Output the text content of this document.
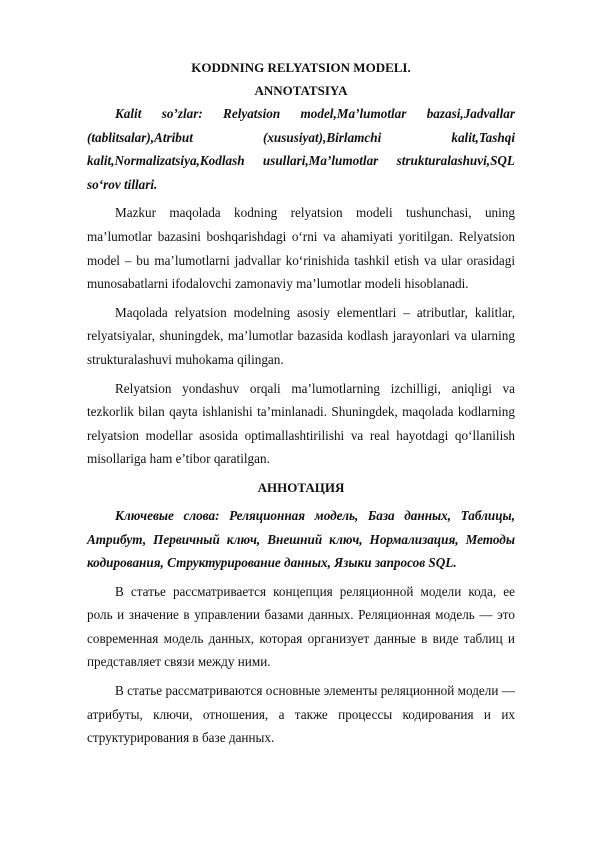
KODDNING RELYATSION MODELI.
ANNOTATSIYA

Kalit so’zlar: Relyatsion model,Ma’lumotlar bazasi,Jadvallar (tablitsalar),Atribut (xususiyat),Birlamchi kalit,Tashqi kalit,Normalizatsiya,Kodlash usullari,Ma’lumotlar strukturalashuvi,SQL so‘rov tillari.

Mazkur maqolada kodning relyatsion modeli tushunchasi, uning ma’lumotlar bazasini boshqarishdagi o‘rni va ahamiyati yoritilgan. Relyatsion model – bu ma’lumotlarni jadvallar ko‘rinishida tashkil etish va ular orasidagi munosabatlarni ifodalovchi zamonaviy ma’lumotlar modeli hisoblanadi.

Maqolada relyatsion modelning asosiy elementlari – atributlar, kalitlar, relyatsiyalar, shuningdek, ma’lumotlar bazasida kodlash jarayonlari va ularning strukturalashuvi muhokama qilingan.

Relyatsion yondashuv orqali ma’lumotlarning izchilligi, aniqligi va tezkorlik bilan qayta ishlanishi ta’minlanadi. Shuningdek, maqolada kodlarning relyatsion modellar asosida optimallashtirilishi va real hayotdagi qo‘llanilish misollariga ham e’tibor qaratilgan.

АННОТАЦИЯ

Ключевые слова: Реляционная модель, База данных, Таблицы, Атрибут, Первичный ключ, Внешний ключ, Нормализация, Методы кодирования, Структурирование данных, Языки запросов SQL.

В статье рассматривается концепция реляционной модели кода, ее роль и значение в управлении базами данных. Реляционная модель — это современная модель данных, которая организует данные в виде таблиц и представляет связи между ними.

В статье рассматриваются основные элементы реляционной модели — атрибуты, ключи, отношения, а также процессы кодирования и их структурирования в базе данных.
